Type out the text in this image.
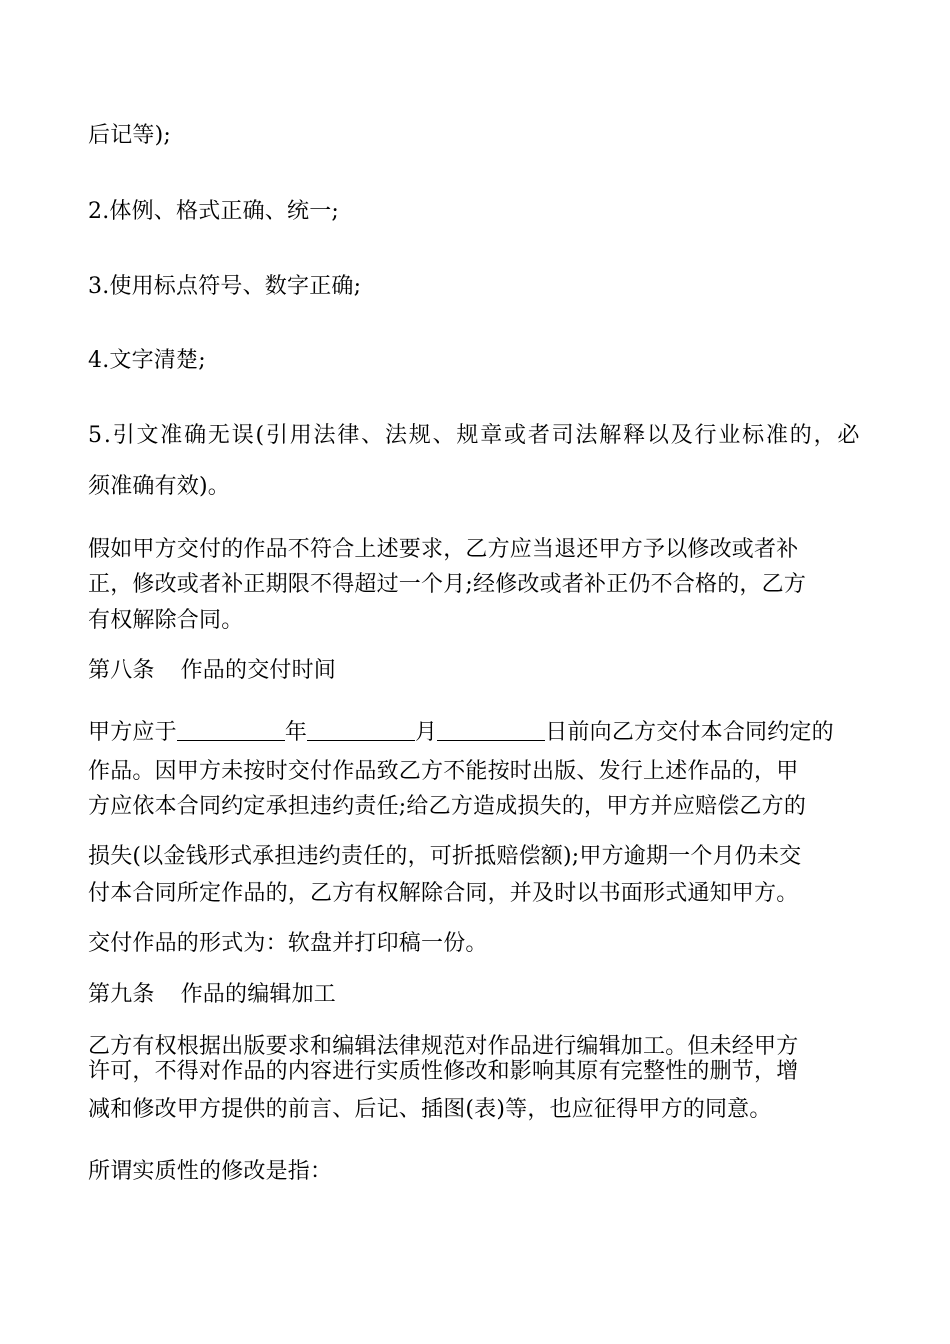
后记等);
2.体例、格式正确、统一;
3.使用标点符号、数字正确;
4.文字清楚;
5 . 引 文 准 确 无 误 ( 引 用 法 律 、 法 规 、 规 章 或 者 司 法 解 释 以 及 行 业 标 准 的 ， 必
须准确有效)。
假如甲方交付的作品不符合上述要求，乙方应当退还甲方予以修改或者补
正，修改或者补正期限不得超过一个月;经修改或者补正仍不合格的，乙方
有权解除合同。
第八条 作品的交付时间
甲方应于	年	月	日前向乙方交付本合同约定的
作品。因甲方未按时交付作品致乙方不能按时出版、发行上述作品的，甲
方应依本合同约定承担违约责任;给乙方造成损失的，甲方并应赔偿乙方的
损失(以金钱形式承担违约责任的，可折抵赔偿额);甲方逾期一个月仍未交
付本合同所定作品的，乙方有权解除合同，并及时以书面形式通知甲方。
交付作品的形式为：软盘并打印稿一份。
第九条 作品的编辑加工
乙方有权根据出版要求和编辑法律规范对作品进行编辑加工。但未经甲方
许可，不得对作品的内容进行实质性修改和影响其原有完整性的删节，增
减和修改甲方提供的前言、后记、插图(表)等，也应征得甲方的同意。
所谓实质性的修改是指：
